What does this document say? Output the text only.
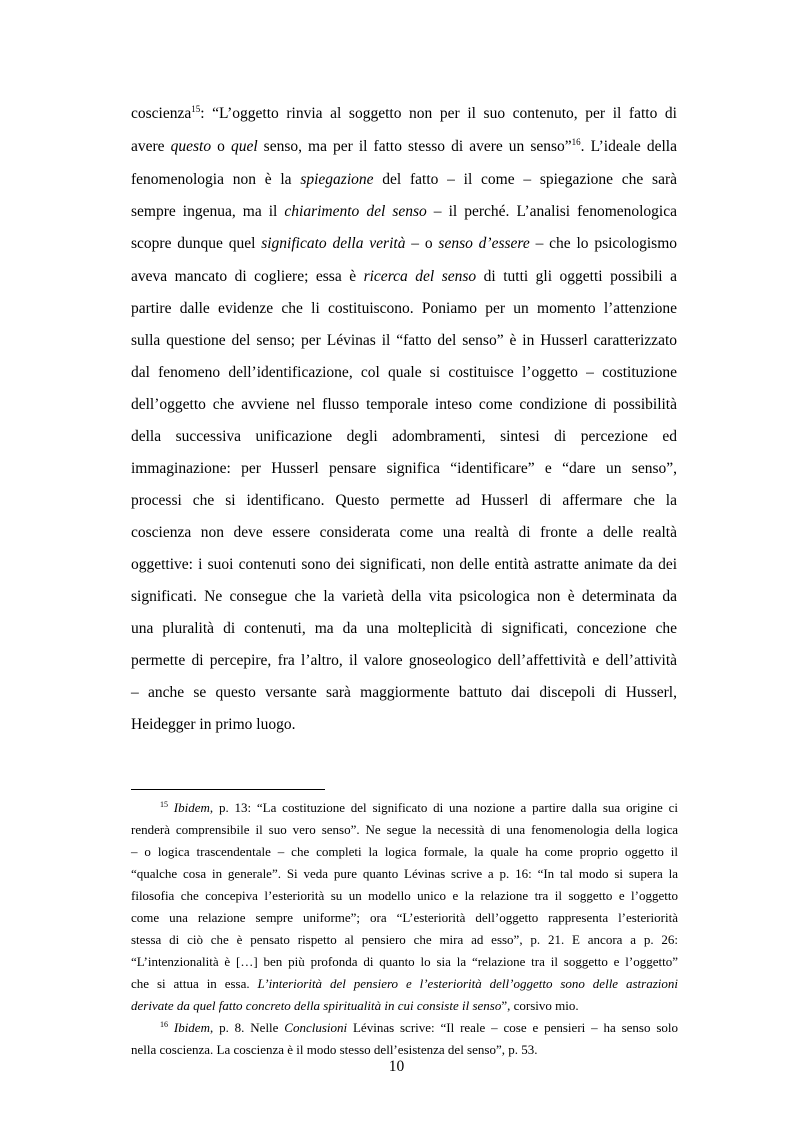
coscienza$^{15}$: “L’oggetto rinvia al soggetto non per il suo contenuto, per il fatto di
avere questo o quel senso, ma per il fatto stesso di avere un senso”$^{16}$. L’ideale della
fenomenologia non è la spiegazione del fatto – il come – spiegazione che sarà
sempre ingenua, ma il chiarimento del senso – il perché. L’analisi fenomenologica
scopre dunque quel significato della verità – o senso d’essere – che lo psicologismo
aveva mancato di cogliere; essa è ricerca del senso di tutti gli oggetti possibili a
partire dalle evidenze che li costituiscono. Poniamo per un momento l’attenzione
sulla questione del senso; per Lévinas il “fatto del senso” è in Husserl caratterizzato
dal fenomeno dell’identificazione, col quale si costituisce l’oggetto – costituzione
dell’oggetto che avviene nel flusso temporale inteso come condizione di possibilità
della successiva unificazione degli adombramenti, sintesi di percezione ed
immaginazione: per Husserl pensare significa “identificare” e “dare un senso”,
processi che si identificano. Questo permette ad Husserl di affermare che la
coscienza non deve essere considerata come una realtà di fronte a delle realtà
oggettive: i suoi contenuti sono dei significati, non delle entità astratte animate da dei
significati. Ne consegue che la varietà della vita psicologica non è determinata da
una pluralità di contenuti, ma da una molteplicità di significati, concezione che
permette di percepire, fra l’altro, il valore gnoseologico dell’affettività e dell’attività
– anche se questo versante sarà maggiormente battuto dai discepoli di Husserl,
Heidegger in primo luogo.
$^{15}$ Ibidem, p. 13: “La costituzione del significato di una nozione a partire dalla sua origine ci
renderà comprensibile il suo vero senso”. Ne segue la necessità di una fenomenologia della logica
– o logica trascendentale – che completi la logica formale, la quale ha come proprio oggetto il
“qualche cosa in generale”. Si veda pure quanto Lévinas scrive a p. 16: “In tal modo si supera la
filosofia che concepiva l’esteriorità su un modello unico e la relazione tra il soggetto e l’oggetto
come una relazione sempre uniforme”; ora “L’esteriorità dell’oggetto rappresenta l’esteriorità
stessa di ciò che è pensato rispetto al pensiero che mira ad esso”, p. 21. E ancora a p. 26:
“L’intenzionalità è […] ben più profonda di quanto lo sia la “relazione tra il soggetto e l’oggetto”
che si attua in essa. L’interiorità del pensiero e l’esteriorità dell’oggetto sono delle astrazioni
derivate da quel fatto concreto della spiritualità in cui consiste il senso”, corsivo mio.
$^{16}$ Ibidem, p. 8. Nelle Conclusioni Lévinas scrive: “Il reale – cose e pensieri – ha senso solo
nella coscienza. La coscienza è il modo stesso dell’esistenza del senso”, p. 53.
10
